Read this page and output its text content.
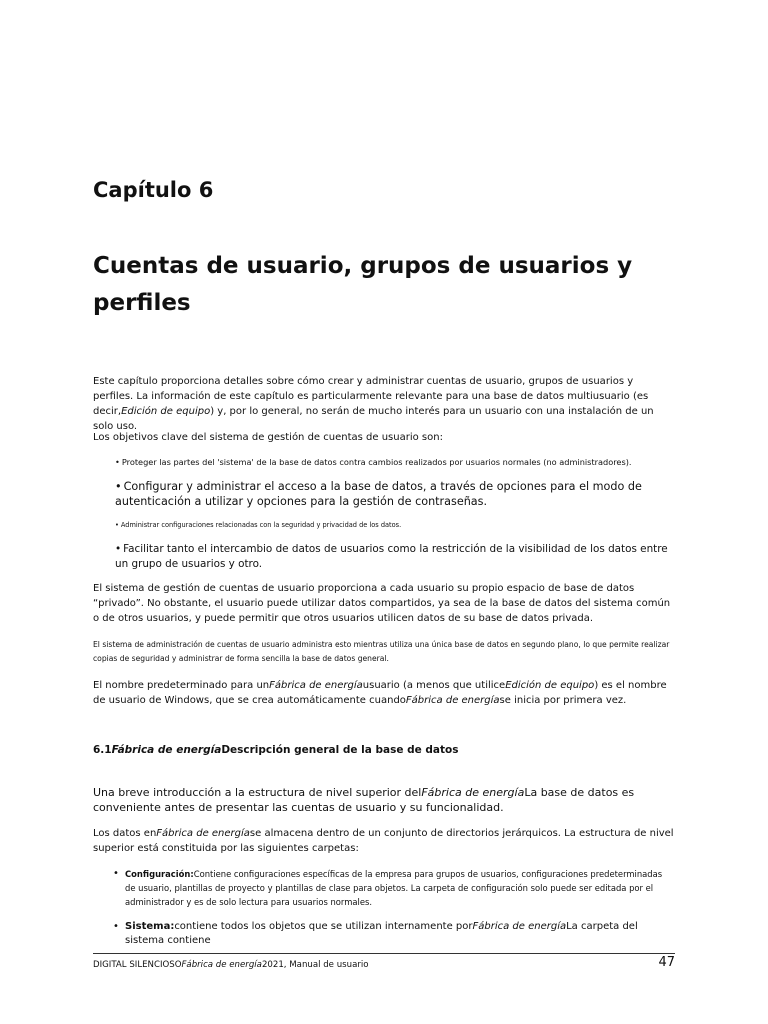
Capítulo 6
Cuentas de usuario, grupos de usuarios y perfiles

Este capítulo proporciona detalles sobre cómo crear y administrar cuentas de usuario, grupos de usuarios y perfiles. La información de este capítulo es particularmente relevante para una base de datos multiusuario (es decir,Edición de equipo) y, por lo general, no serán de mucho interés para un usuario con una instalación de un solo uso.

Los objetivos clave del sistema de gestión de cuentas de usuario son:

• Proteger las partes del 'sistema' de la base de datos contra cambios realizados por usuarios normales (no administradores).

• Configurar y administrar el acceso a la base de datos, a través de opciones para el modo de autenticación a utilizar y opciones para la gestión de contraseñas.

• Administrar configuraciones relacionadas con la seguridad y privacidad de los datos.

• Facilitar tanto el intercambio de datos de usuarios como la restricción de la visibilidad de los datos entre un grupo de usuarios y otro.

El sistema de gestión de cuentas de usuario proporciona a cada usuario su propio espacio de base de datos “privado”. No obstante, el usuario puede utilizar datos compartidos, ya sea de la base de datos del sistema común o de otros usuarios, y puede permitir que otros usuarios utilicen datos de su base de datos privada.

El sistema de administración de cuentas de usuario administra esto mientras utiliza una única base de datos en segundo plano, lo que permite realizar copias de seguridad y administrar de forma sencilla la base de datos general.

El nombre predeterminado para unFábrica de energíausuario (a menos que utiliceEdición de equipo) es el nombre de usuario de Windows, que se crea automáticamente cuandoFábrica de energíase inicia por primera vez.

6.1Fábrica de energíaDescripción general de la base de datos

Una breve introducción a la estructura de nivel superior delFábrica de energíaLa base de datos es conveniente antes de presentar las cuentas de usuario y su funcionalidad.

Los datos enFábrica de energíase almacena dentro de un conjunto de directorios jerárquicos. La estructura de nivel superior está constituida por las siguientes carpetas:

• Configuración:Contiene configuraciones específicas de la empresa para grupos de usuarios, configuraciones predeterminadas de usuario, plantillas de proyecto y plantillas de clase para objetos. La carpeta de configuración solo puede ser editada por el administrador y es de solo lectura para usuarios normales.
• Sistema:contiene todos los objetos que se utilizan internamente porFábrica de energíaLa carpeta del sistema contiene
DIGITAL SILENCIOSOFábrica de energía2021, Manual de usuario	47
